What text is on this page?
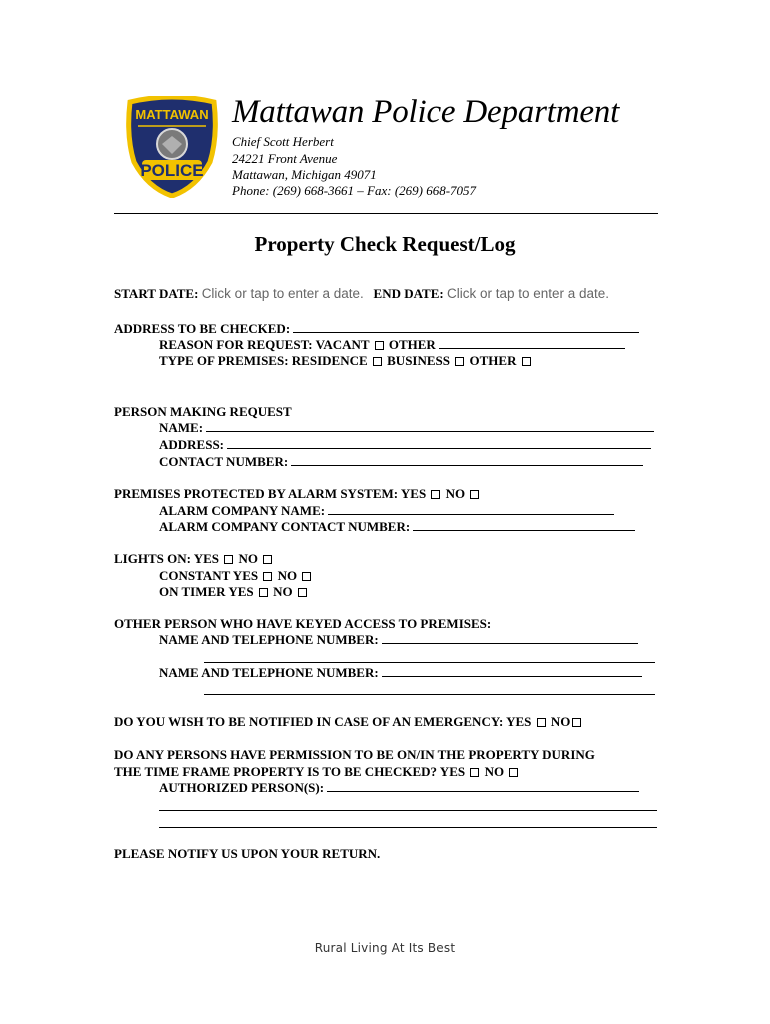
MATTAWAN
POLICE
Mattawan Police Department
Chief Scott Herbert
24221 Front Avenue
Mattawan, Michigan 49071
Phone: (269) 668-3661 – Fax: (269) 668-7057
Property Check Request/Log
START DATE: Click or tap to enter a date. END DATE: Click or tap to enter a date.
ADDRESS TO BE CHECKED:
REASON FOR REQUEST: VACANT OTHER
TYPE OF PREMISES: RESIDENCE BUSINESS OTHER
PERSON MAKING REQUEST
NAME:
ADDRESS:
CONTACT NUMBER:
PREMISES PROTECTED BY ALARM SYSTEM: YES NO
ALARM COMPANY NAME:
ALARM COMPANY CONTACT NUMBER:
LIGHTS ON: YES NO
CONSTANT YES NO
ON TIMER YES NO
OTHER PERSON WHO HAVE KEYED ACCESS TO PREMISES:
NAME AND TELEPHONE NUMBER:
NAME AND TELEPHONE NUMBER:
DO YOU WISH TO BE NOTIFIED IN CASE OF AN EMERGENCY: YES NO
DO ANY PERSONS HAVE PERMISSION TO BE ON/IN THE PROPERTY DURING
THE TIME FRAME PROPERTY IS TO BE CHECKED? YES NO
AUTHORIZED PERSON(S):
PLEASE NOTIFY US UPON YOUR RETURN.
Rural Living At Its Best
